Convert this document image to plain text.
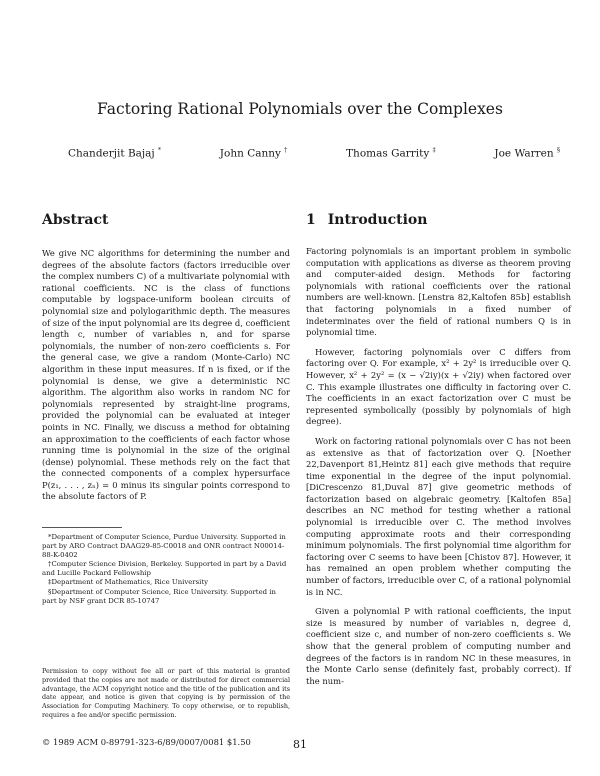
Factoring Rational Polynomials over the Complexes
Chanderjit Bajaj *	John Canny †	Thomas Garrity ‡	Joe Warren §
Abstract

We give NC algorithms for determining the number and degrees of the absolute factors (factors irreducible over the complex numbers C) of a multivariate polynomial with rational coefficients. NC is the class of functions computable by logspace-uniform boolean circuits of polynomial size and polylogarithmic depth. The measures of size of the input polynomial are its degree d, coefficient length c, number of variables n, and for sparse polynomials, the number of non-zero coefficients s. For the general case, we give a random (Monte-Carlo) NC algorithm in these input measures. If n is fixed, or if the polynomial is dense, we give a deterministic NC algorithm. The algorithm also works in random NC for polynomials represented by straight-line programs, provided the polynomial can be evaluated at integer points in NC. Finally, we discuss a method for obtaining an approximation to the coefficients of each factor whose running time is polynomial in the size of the original (dense) polynomial. These methods rely on the fact that the connected components of a complex hypersurface P(z₁, . . . , zₙ) = 0 minus its singular points correspond to the absolute factors of P.

*Department of Computer Science, Purdue University. Supported in part by ARO Contract DAAG29-85-C0018 and ONR contract N00014-88-K-0402
†Computer Science Division, Berkeley. Supported in part by a David and Lucille Packard Fellowship
‡Department of Mathematics, Rice University
§Department of Computer Science, Rice University. Supported in part by NSF grant DCR 85-10747
Permission to copy without fee all or part of this material is granted provided that the copies are not made or distributed for direct commercial advantage, the ACM copyright notice and the title of the publication and its date appear, and notice is given that copying is by permission of the Association for Computing Machinery. To copy otherwise, or to republish, requires a fee and/or specific permission.
© 1989 ACM 0-89791-323-6/89/0007/0081 $1.50	81
1 Introduction

Factoring polynomials is an important problem in symbolic computation with applications as diverse as theorem proving and computer-aided design. Methods for factoring polynomials with rational coefficients over the rational numbers are well-known. [Lenstra 82,Kaltofen 85b] establish that factoring polynomials in a fixed number of indeterminates over the field of rational numbers Q is in polynomial time.

However, factoring polynomials over C differs from factoring over Q. For example, x² + 2y² is irreducible over Q. However, x² + 2y² = (x − √2iy)(x + √2iy) when factored over C. This example illustrates one difficulty in factoring over C. The coefficients in an exact factorization over C must be represented symbolically (possibly by polynomials of high degree).

Work on factoring rational polynomials over C has not been as extensive as that of factorization over Q. [Noether 22,Davenport 81,Heintz 81] each give methods that require time exponential in the degree of the input polynomial. [DiCrescenzo 81,Duval 87] give geometric methods of factorization based on algebraic geometry. [Kaltofen 85a] describes an NC method for testing whether a rational polynomial is irreducible over C. The method involves computing approximate roots and their corresponding minimum polynomials. The first polynomial time algorithm for factoring over C seems to have been [Chistov 87]. However, it has remained an open problem whether computing the number of factors, irreducible over C, of a rational polynomial is in NC.

Given a polynomial P with rational coefficients, the input size is measured by number of variables n, degree d, coefficient size c, and number of non-zero coefficients s. We show that the general problem of computing number and degrees of the factors is in random NC in these measures, in the Monte Carlo sense (definitely fast, probably correct). If the num-
